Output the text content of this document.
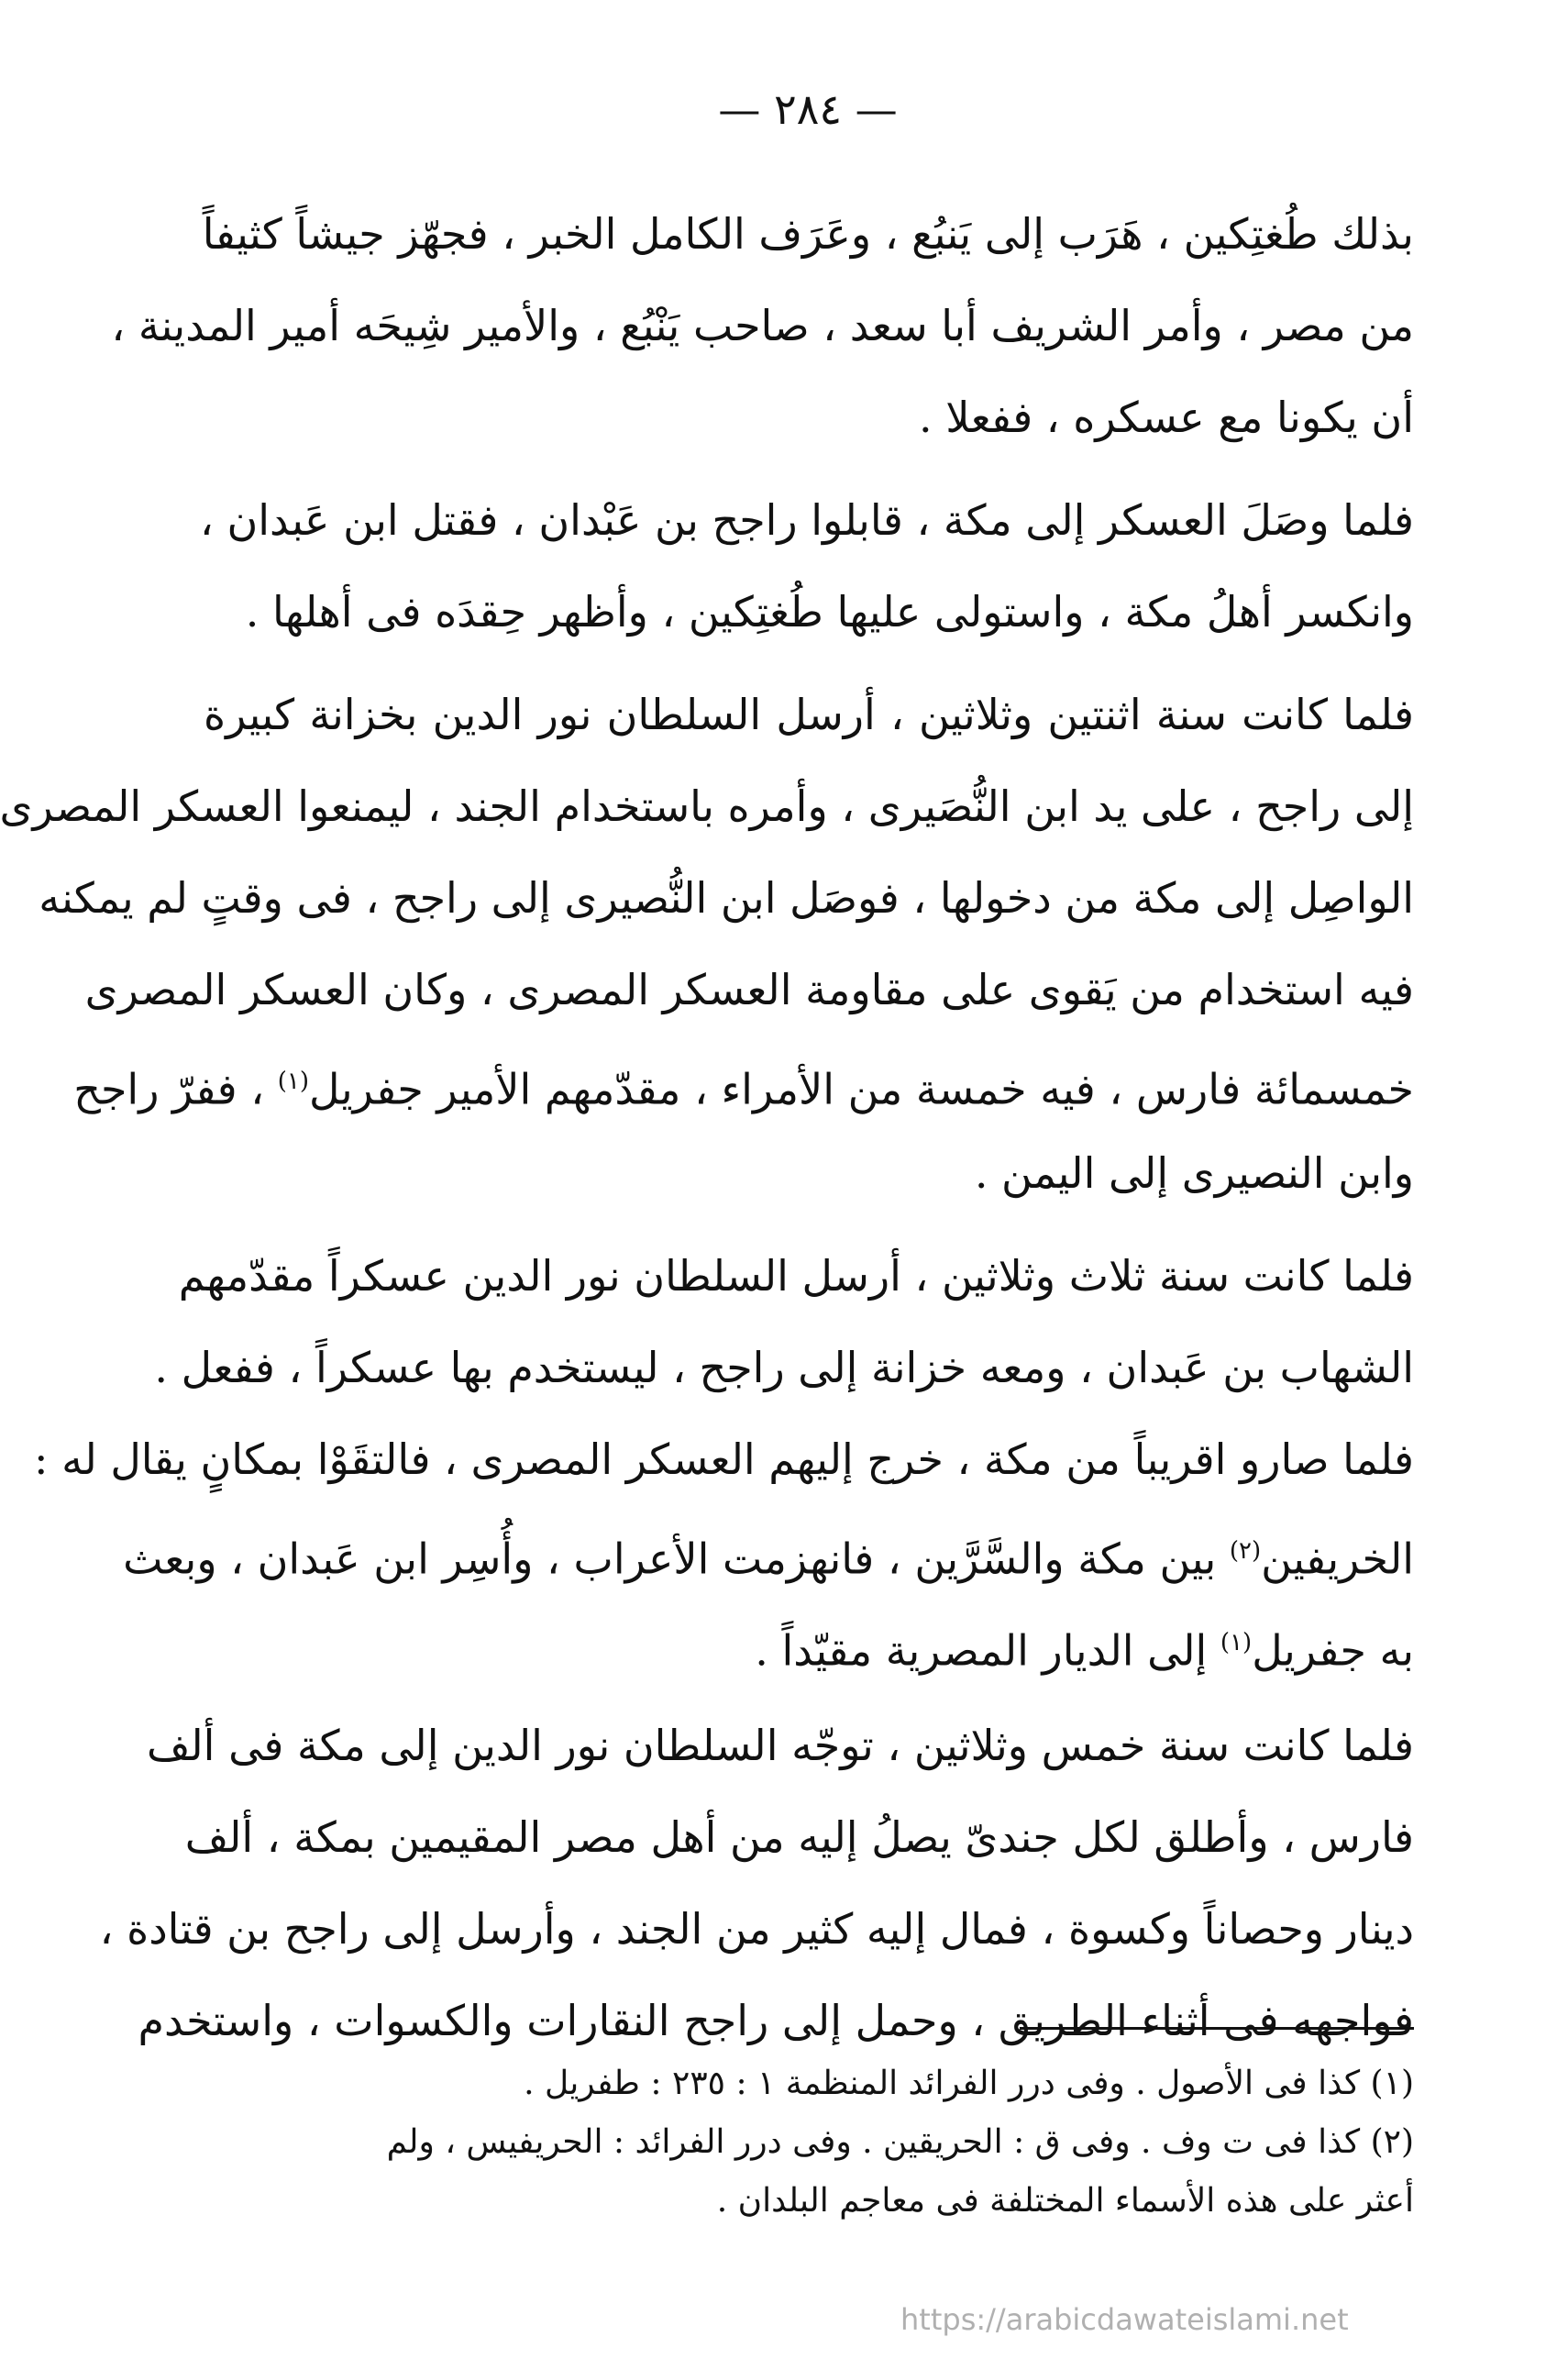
— ٢٨٤ —
بذلك طُغتِكين ، هَرَب إلى يَنبُع ، وعَرَف الكامل الخبر ، فجهّز جيشاً كثيفاً
من مصر ، وأمر الشريف أبا سعد ، صاحب يَنْبُع ، والأمير شِيحَه أمير المدينة ،
أن يكونا مع عسكره ، ففعلا .
فلما وصَلَ العسكر إلى مكة ، قابلوا راجح بن عَبْدان ، فقتل ابن عَبدان ،
وانكسر أهلُ مكة ، واستولى عليها طُغتِكين ، وأظهر حِقدَه فى أهلها .
فلما كانت سنة اثنتين وثلاثين ، أرسل السلطان نور الدين بخزانة كبيرة
إلى راجح ، على يد ابن النُّصَيرى ، وأمره باستخدام الجند ، ليمنعوا العسكر المصرى
الواصِل إلى مكة من دخولها ، فوصَل ابن النُّصيرى إلى راجح ، فى وقتٍ لم يمكنه
فيه استخدام من يَقوى على مقاومة العسكر المصرى ، وكان العسكر المصرى
خمسمائة فارس ، فيه خمسة من الأمراء ، مقدّمهم الأمير جفريل$^{(١)}$ ، ففرّ راجح
وابن النصيرى إلى اليمن .
فلما كانت سنة ثلاث وثلاثين ، أرسل السلطان نور الدين عسكراً مقدّمهم
الشهاب بن عَبدان ، ومعه خزانة إلى راجح ، ليستخدم بها عسكراً ، ففعل .
فلما صارو اقريباً من مكة ، خرج إليهم العسكر المصرى ، فالتقَوْا بمكانٍ يقال له :
الخريفين$^{(٢)}$ بين مكة والسَّرَّين ، فانهزمت الأعراب ، وأُسِر ابن عَبدان ، وبعث
به جفريل$^{(١)}$ إلى الديار المصرية مقيّداً .
فلما كانت سنة خمس وثلاثين ، توجّه السلطان نور الدين إلى مكة فى ألف
فارس ، وأطلق لكل جندىّ يصلُ إليه من أهل مصر المقيمين بمكة ، ألف
دينار وحصاناً وكسوة ، فمال إليه كثير من الجند ، وأرسل إلى راجح بن قتادة ،
فواجهه فى أثناء الطريق ، وحمل إلى راجح النقارات والكسوات ، واستخدم
(١) كذا فى الأصول . وفى درر الفرائد المنظمة ١ : ٢٣٥ : طفريل .
(٢) كذا فى ت وف . وفى ق : الحريقين . وفى درر الفرائد : الحريفيس ، ولم
أعثر على هذه الأسماء المختلفة فى معاجم البلدان .
https://arabicdawateislami.net
